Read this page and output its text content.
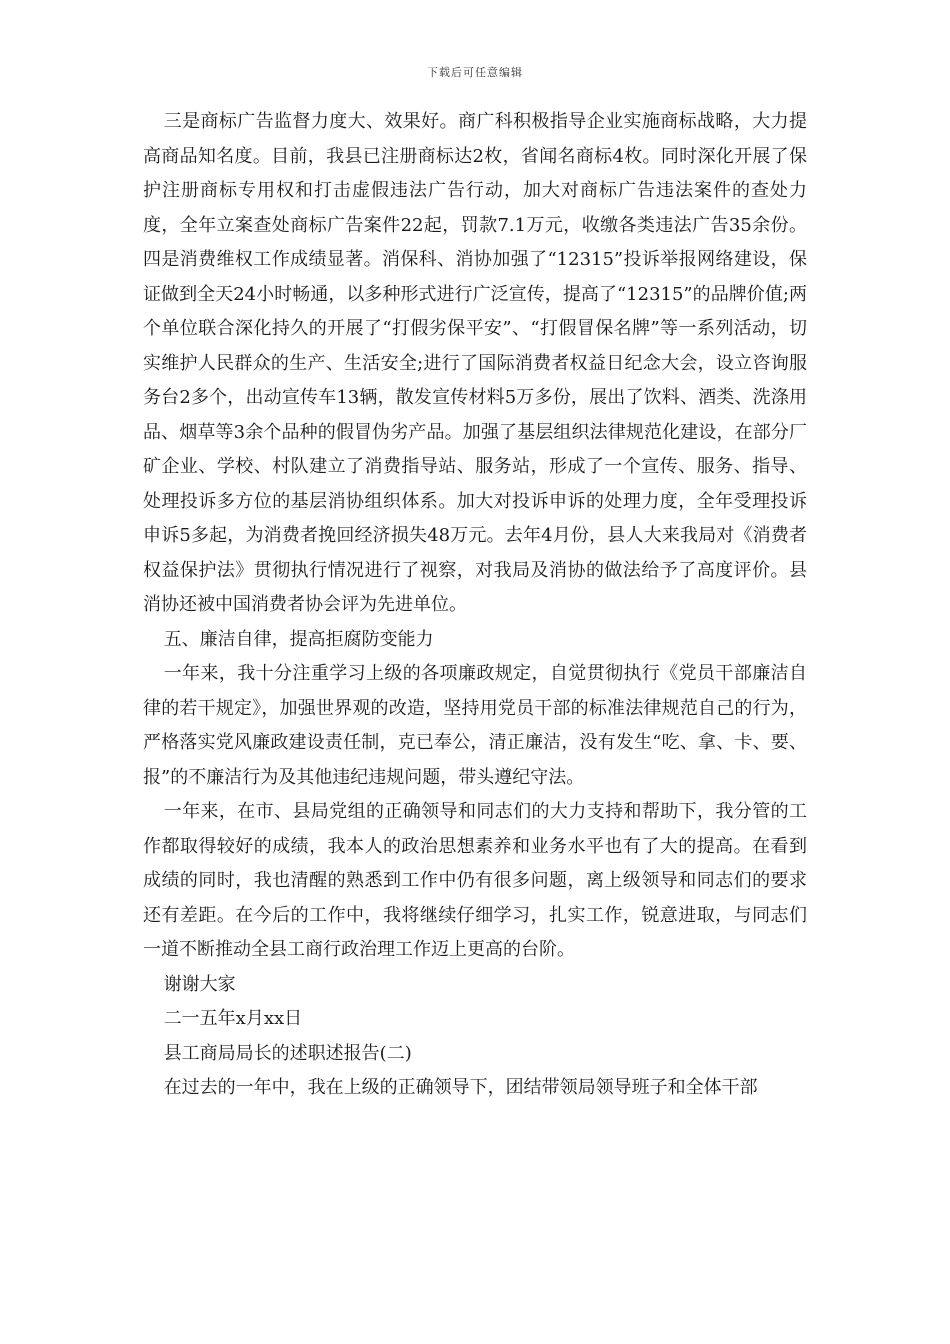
下载后可任意编辑

三是商标广告监督力度大、效果好。商广科积极指导企业实施商标战略，大力提高商品知名度。目前，我县已注册商标达2枚，省闻名商标4枚。同时深化开展了保护注册商标专用权和打击虚假违法广告行动，加大对商标广告违法案件的查处力度，全年立案查处商标广告案件22起，罚款7.1万元，收缴各类违法广告35余份。四是消费维权工作成绩显著。消保科、消协加强了“12315”投诉举报网络建设，保证做到全天24小时畅通，以多种形式进行广泛宣传，提高了“12315”的品牌价值;两个单位联合深化持久的开展了“打假劣保平安”、“打假冒保名牌”等一系列活动，切实维护人民群众的生产、生活安全;进行了国际消费者权益日纪念大会，设立咨询服务台2多个，出动宣传车13辆，散发宣传材料5万多份，展出了饮料、酒类、洗涤用品、烟草等3余个品种的假冒伪劣产品。加强了基层组织法律规范化建设，在部分厂矿企业、学校、村队建立了消费指导站、服务站，形成了一个宣传、服务、指导、处理投诉多方位的基层消协组织体系。加大对投诉申诉的处理力度，全年受理投诉申诉5多起，为消费者挽回经济损失48万元。去年4月份，县人大来我局对《消费者权益保护法》贯彻执行情况进行了视察，对我局及消协的做法给予了高度评价。县消协还被中国消费者协会评为先进单位。

五、廉洁自律，提高拒腐防变能力

一年来，我十分注重学习上级的各项廉政规定，自觉贯彻执行《党员干部廉洁自律的若干规定》，加强世界观的改造，坚持用党员干部的标准法律规范自己的行为，严格落实党风廉政建设责任制，克已奉公，清正廉洁，没有发生“吃、拿、卡、要、报”的不廉洁行为及其他违纪违规问题，带头遵纪守法。

一年来，在市、县局党组的正确领导和同志们的大力支持和帮助下，我分管的工作都取得较好的成绩，我本人的政治思想素养和业务水平也有了大的提高。在看到成绩的同时，我也清醒的熟悉到工作中仍有很多问题，离上级领导和同志们的要求还有差距。在今后的工作中，我将继续仔细学习，扎实工作，锐意进取，与同志们一道不断推动全县工商行政治理工作迈上更高的台阶。

谢谢大家

二一五年x月xx日

县工商局局长的述职述报告(二)

在过去的一年中，我在上级的正确领导下，团结带领局领导班子和全体干部
